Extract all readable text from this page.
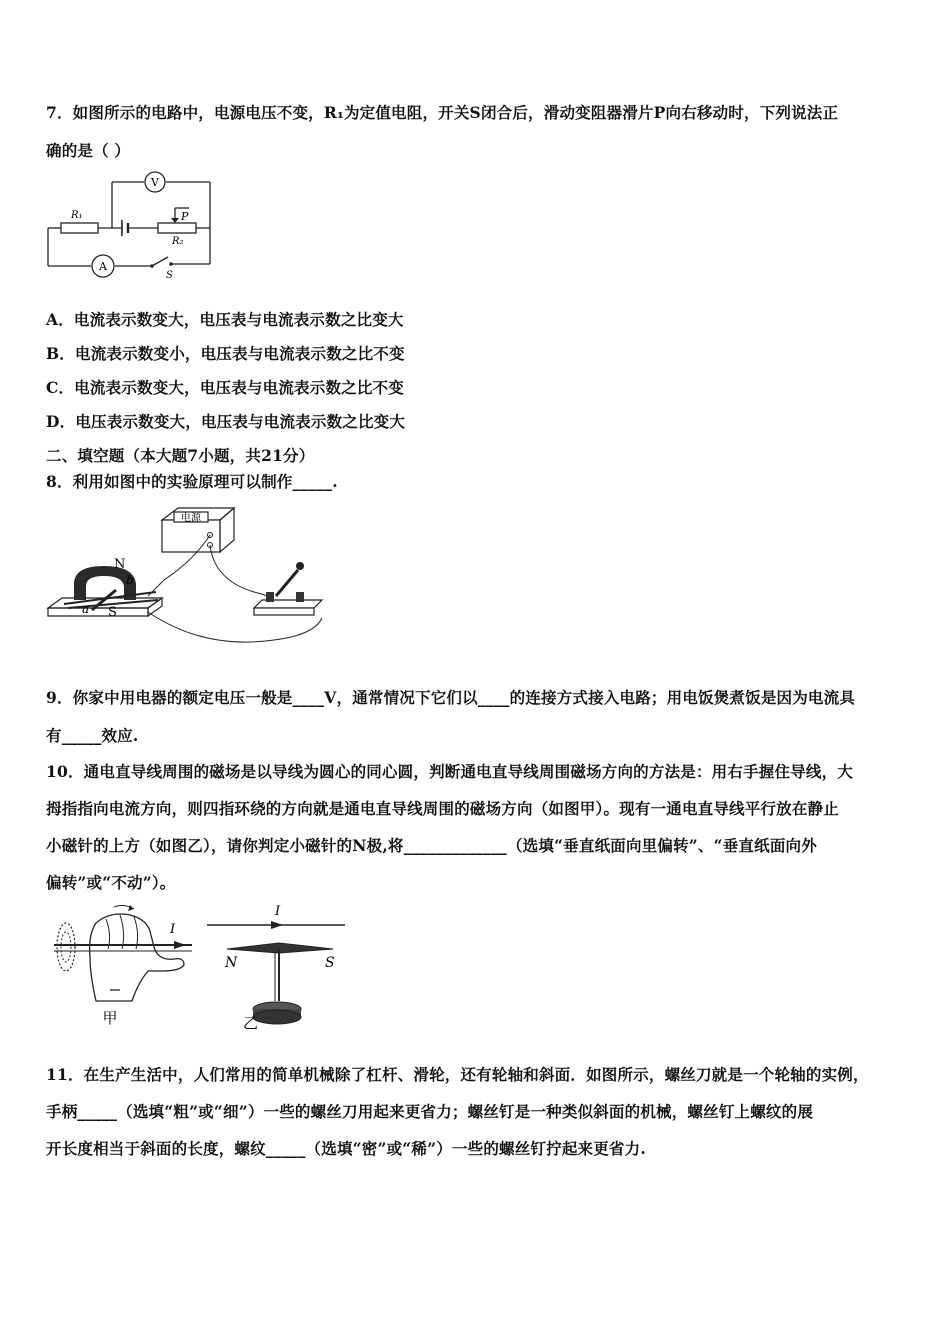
7．如图所示的电路中，电源电压不变，R₁为定值电阻，开关S闭合后，滑动变阻器滑片P向右移动时，下列说法正
确的是（ ）
V
A
R₁
R₂
P
S
A．电流表示数变大，电压表与电流表示数之比变大
B．电流表示数变小，电压表与电流表示数之比不变
C．电流表示数变大，电压表与电流表示数之比不变
D．电压表示数变大，电压表与电流表示数之比变大
二、填空题（本大题7小题，共21分）
8．利用如图中的实验原理可以制作_____.
电源
N
S
a
b
9．你家中用电器的额定电压一般是____V，通常情况下它们以____的连接方式接入电路；用电饭煲煮饭是因为电流具
有_____效应.
10．通电直导线周围的磁场是以导线为圆心的同心圆，判断通电直导线周围磁场方向的方法是：用右手握住导线，大
拇指指向电流方向，则四指环绕的方向就是通电直导线周围的磁场方向（如图甲）。现有一通电直导线平行放在静止
小磁针的上方（如图乙），请你判定小磁针的N极,将_____________（选填“垂直纸面向里偏转”、“垂直纸面向外
偏转”或“不动”）。
I
甲
I
N	S
乙
11．在生产生活中，人们常用的简单机械除了杠杆、滑轮，还有轮轴和斜面．如图所示，螺丝刀就是一个轮轴的实例，
手柄_____（选填“粗”或“细”）一些的螺丝刀用起来更省力；螺丝钉是一种类似斜面的机械，螺丝钉上螺纹的展
开长度相当于斜面的长度，螺纹_____（选填“密”或“稀”）一些的螺丝钉拧起来更省力.
